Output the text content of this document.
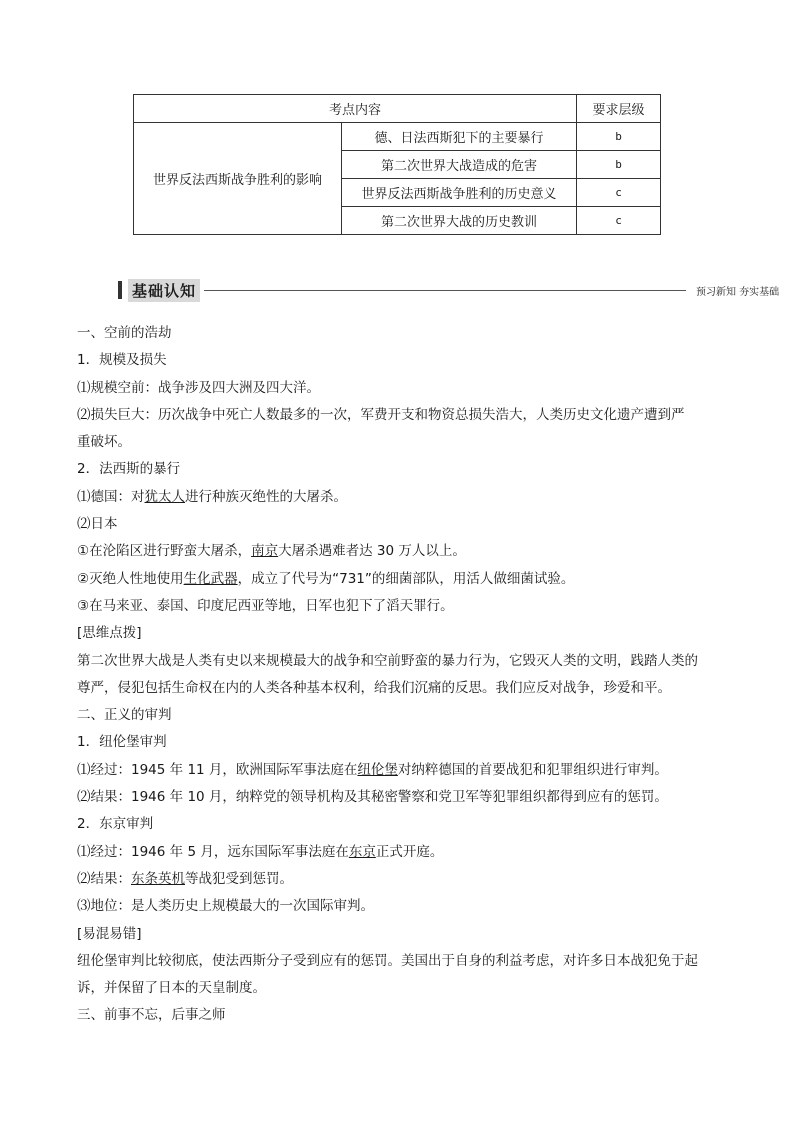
考点内容		要求层级
世界反法西斯战争胜利的影响	德、日法西斯犯下的主要暴行	b
	第二次世界大战造成的危害	b
	世界反法西斯战争胜利的历史意义	c
	第二次世界大战的历史教训	c
基础认知	预习新知 夯实基础

一、空前的浩劫

1．规模及损失

⑴规模空前：战争涉及四大洲及四大洋。

⑵损失巨大：历次战争中死亡人数最多的一次，军费开支和物资总损失浩大，人类历史文化遗产遭到严

重破坏。

2．法西斯的暴行

⑴德国：对犹太人进行种族灭绝性的大屠杀。

⑵日本

①在沦陷区进行野蛮大屠杀，南京大屠杀遇难者达 30 万人以上。

②灭绝人性地使用生化武器，成立了代号为“731”的细菌部队，用活人做细菌试验。

③在马来亚、泰国、印度尼西亚等地，日军也犯下了滔天罪行。

[思维点拨]

第二次世界大战是人类有史以来规模最大的战争和空前野蛮的暴力行为，它毁灭人类的文明，践踏人类的

尊严，侵犯包括生命权在内的人类各种基本权利，给我们沉痛的反思。我们应反对战争，珍爱和平。

二、正义的审判

1．纽伦堡审判

⑴经过：1945 年 11 月，欧洲国际军事法庭在纽伦堡对纳粹德国的首要战犯和犯罪组织进行审判。

⑵结果：1946 年 10 月，纳粹党的领导机构及其秘密警察和党卫军等犯罪组织都得到应有的惩罚。

2．东京审判

⑴经过：1946 年 5 月，远东国际军事法庭在东京正式开庭。

⑵结果：东条英机等战犯受到惩罚。

⑶地位：是人类历史上规模最大的一次国际审判。

[易混易错]

纽伦堡审判比较彻底，使法西斯分子受到应有的惩罚。美国出于自身的利益考虑，对许多日本战犯免于起

诉，并保留了日本的天皇制度。

三、前事不忘，后事之师
